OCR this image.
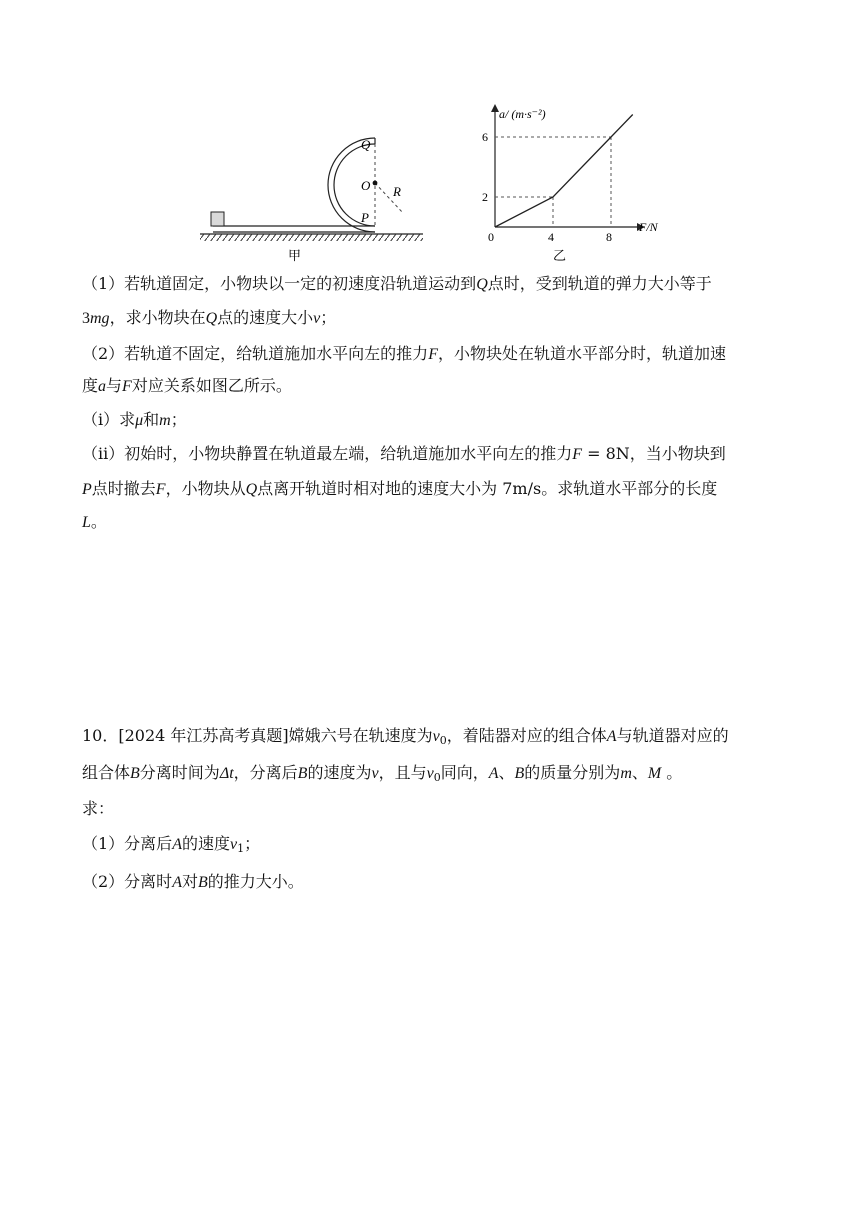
Q
O R
P
甲
a/ (m·s⁻²)
F/N
0	4	8
2
6
乙
（1）若轨道固定，小物块以一定的初速度沿轨道运动到Q点时，受到轨道的弹力大小等于
3mg，求小物块在Q点的速度大小v；
（2）若轨道不固定，给轨道施加水平向左的推力F，小物块处在轨道水平部分时，轨道加速
度a与F对应关系如图乙所示。
（i）求μ和m；
（ii）初始时，小物块静置在轨道最左端，给轨道施加水平向左的推力F = 8N，当小物块到
P点时撤去F，小物块从Q点离开轨道时相对地的速度大小为 7m/s。求轨道水平部分的长度
L。
10．[2024 年江苏高考真题]嫦娥六号在轨速度为$v_0$，着陆器对应的组合体A与轨道器对应的
组合体B分离时间为Δt，分离后B的速度为v，且与$v_0$同向，A、B的质量分别为m、M 。
求：
（1）分离后A的速度$v_1$；
（2）分离时A对B的推力大小。
